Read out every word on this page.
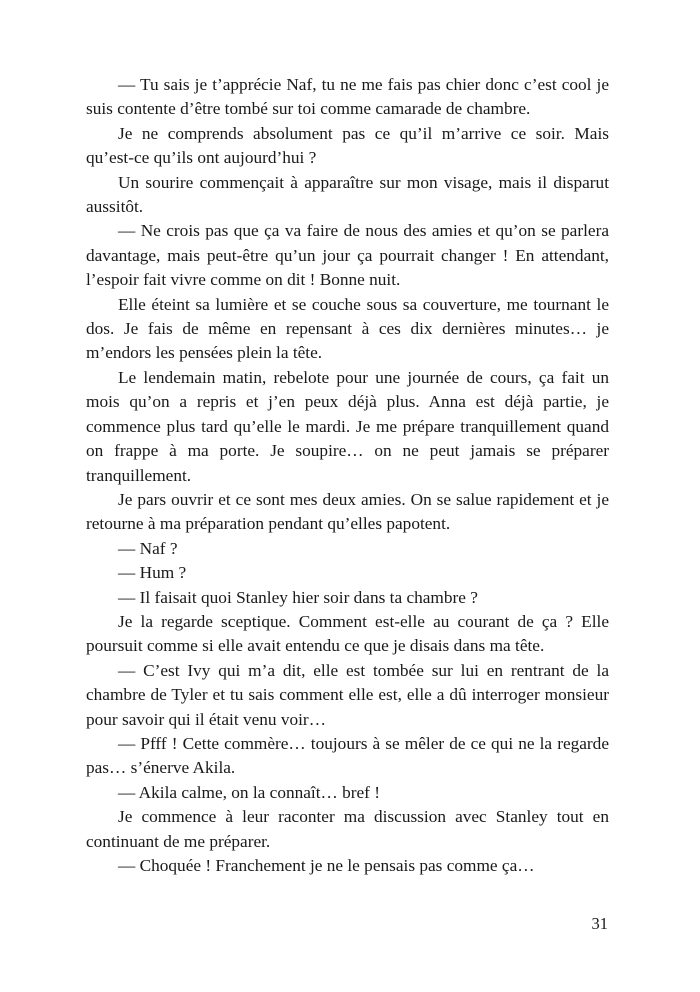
— Tu sais je t’apprécie Naf, tu ne me fais pas chier donc c’est cool je suis contente d’être tombé sur toi comme camarade de chambre.

Je ne comprends absolument pas ce qu’il m’arrive ce soir. Mais qu’est-ce qu’ils ont aujourd’hui ?

Un sourire commençait à apparaître sur mon visage, mais il disparut aussitôt.

— Ne crois pas que ça va faire de nous des amies et qu’on se parlera davantage, mais peut-être qu’un jour ça pourrait changer ! En attendant, l’espoir fait vivre comme on dit ! Bonne nuit.

Elle éteint sa lumière et se couche sous sa couverture, me tournant le dos. Je fais de même en repensant à ces dix dernières minutes… je m’endors les pensées plein la tête.

Le lendemain matin, rebelote pour une journée de cours, ça fait un mois qu’on a repris et j’en peux déjà plus. Anna est déjà partie, je commence plus tard qu’elle le mardi. Je me prépare tranquillement quand on frappe à ma porte. Je soupire… on ne peut jamais se préparer tranquillement.

Je pars ouvrir et ce sont mes deux amies. On se salue rapidement et je retourne à ma préparation pendant qu’elles papotent.

— Naf ?

— Hum ?

— Il faisait quoi Stanley hier soir dans ta chambre ?

Je la regarde sceptique. Comment est-elle au courant de ça ? Elle poursuit comme si elle avait entendu ce que je disais dans ma tête.

— C’est Ivy qui m’a dit, elle est tombée sur lui en rentrant de la chambre de Tyler et tu sais comment elle est, elle a dû interroger monsieur pour savoir qui il était venu voir…

— Pfff ! Cette commère… toujours à se mêler de ce qui ne la regarde pas… s’énerve Akila.

— Akila calme, on la connaît… bref !

Je commence à leur raconter ma discussion avec Stanley tout en continuant de me préparer.

— Choquée ! Franchement je ne le pensais pas comme ça…

31
